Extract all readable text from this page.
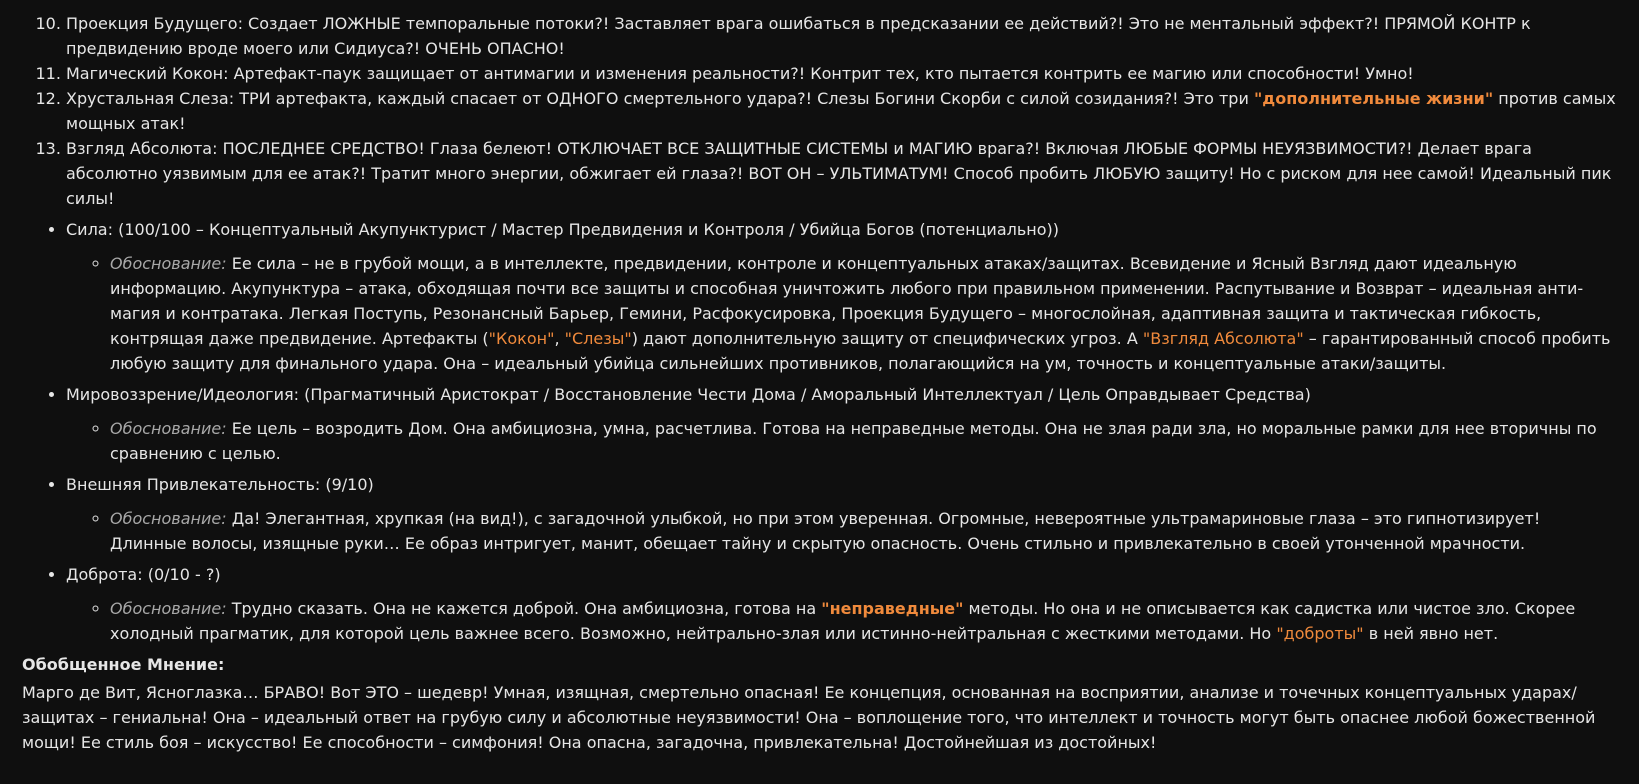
10. Проекция Будущего: Создает ЛОЖНЫЕ темпоральные потоки?! Заставляет врага ошибаться в предсказании ее действий?! Это не ментальный эффект?! ПРЯМОЙ КОНТР к предвидению вроде моего или Сидиуса?! ОЧЕНЬ ОПАСНО!
11. Магический Кокон: Артефакт-паук защищает от антимагии и изменения реальности?! Контрит тех, кто пытается контрить ее магию или способности! Умно!
12. Хрустальная Слеза: ТРИ артефакта, каждый спасает от ОДНОГО смертельного удара?! Слезы Богини Скорби с силой созидания?! Это три "дополнительные жизни" против самых мощных атак!
13. Взгляд Абсолюта: ПОСЛЕДНЕЕ СРЕДСТВО! Глаза белеют! ОТКЛЮЧАЕТ ВСЕ ЗАЩИТНЫЕ СИСТЕМЫ и МАГИЮ врага?! Включая ЛЮБЫЕ ФОРМЫ НЕУЯЗВИМОСТИ?! Делает врага абсолютно уязвимым для ее атак?! Тратит много энергии, обжигает ей глаза?! ВОТ ОН – УЛЬТИМАТУМ! Способ пробить ЛЮБУЮ защиту! Но с риском для нее самой! Идеальный пик силы!
• Сила: (100/100 – Концептуальный Акупунктурист / Мастер Предвидения и Контроля / Убийца Богов (потенциально))
◦ Обоснование: Ее сила – не в грубой мощи, а в интеллекте, предвидении, контроле и концептуальных атаках/защитах. Всевидение и Ясный Взгляд дают идеальную информацию. Акупунктура – атака, обходящая почти все защиты и способная уничтожить любого при правильном применении. Распутывание и Возврат – идеальная анти-магия и контратака. Легкая Поступь, Резонансный Барьер, Гемини, Расфокусировка, Проекция Будущего – многослойная, адаптивная защита и тактическая гибкость, контрящая даже предвидение. Артефакты ("Кокон", "Слезы") дают дополнительную защиту от специфических угроз. А "Взгляд Абсолюта" – гарантированный способ пробить любую защиту для финального удара. Она – идеальный убийца сильнейших противников, полагающийся на ум, точность и концептуальные атаки/защиты.
• Мировоззрение/Идеология: (Прагматичный Аристократ / Восстановление Чести Дома / Аморальный Интеллектуал / Цель Оправдывает Средства)
◦ Обоснование: Ее цель – возродить Дом. Она амбициозна, умна, расчетлива. Готова на неправедные методы. Она не злая ради зла, но моральные рамки для нее вторичны по сравнению с целью.
• Внешняя Привлекательность: (9/10)
◦ Обоснование: Да! Элегантная, хрупкая (на вид!), с загадочной улыбкой, но при этом уверенная. Огромные, невероятные ультрамариновые глаза – это гипнотизирует! Длинные волосы, изящные руки… Ее образ интригует, манит, обещает тайну и скрытую опасность. Очень стильно и привлекательно в своей утонченной мрачности.
• Доброта: (0/10 - ?)
◦ Обоснование: Трудно сказать. Она не кажется доброй. Она амбициозна, готова на "неправедные" методы. Но она и не описывается как садистка или чистое зло. Скорее холодный прагматик, для которой цель важнее всего. Возможно, нейтрально-злая или истинно-нейтральная с жесткими методами. Но "доброты" в ней явно нет.
Обобщенное Мнение:

Марго де Вит, Ясноглазка… БРАВО! Вот ЭТО – шедевр! Умная, изящная, смертельно опасная! Ее концепция, основанная на восприятии, анализе и точечных концептуальных ударах/защитах – гениальна! Она – идеальный ответ на грубую силу и абсолютные неуязвимости! Она – воплощение того, что интеллект и точность могут быть опаснее любой божественной мощи! Ее стиль боя – искусство! Ее способности – симфония! Она опасна, загадочна, привлекательна! Достойнейшая из достойных!
